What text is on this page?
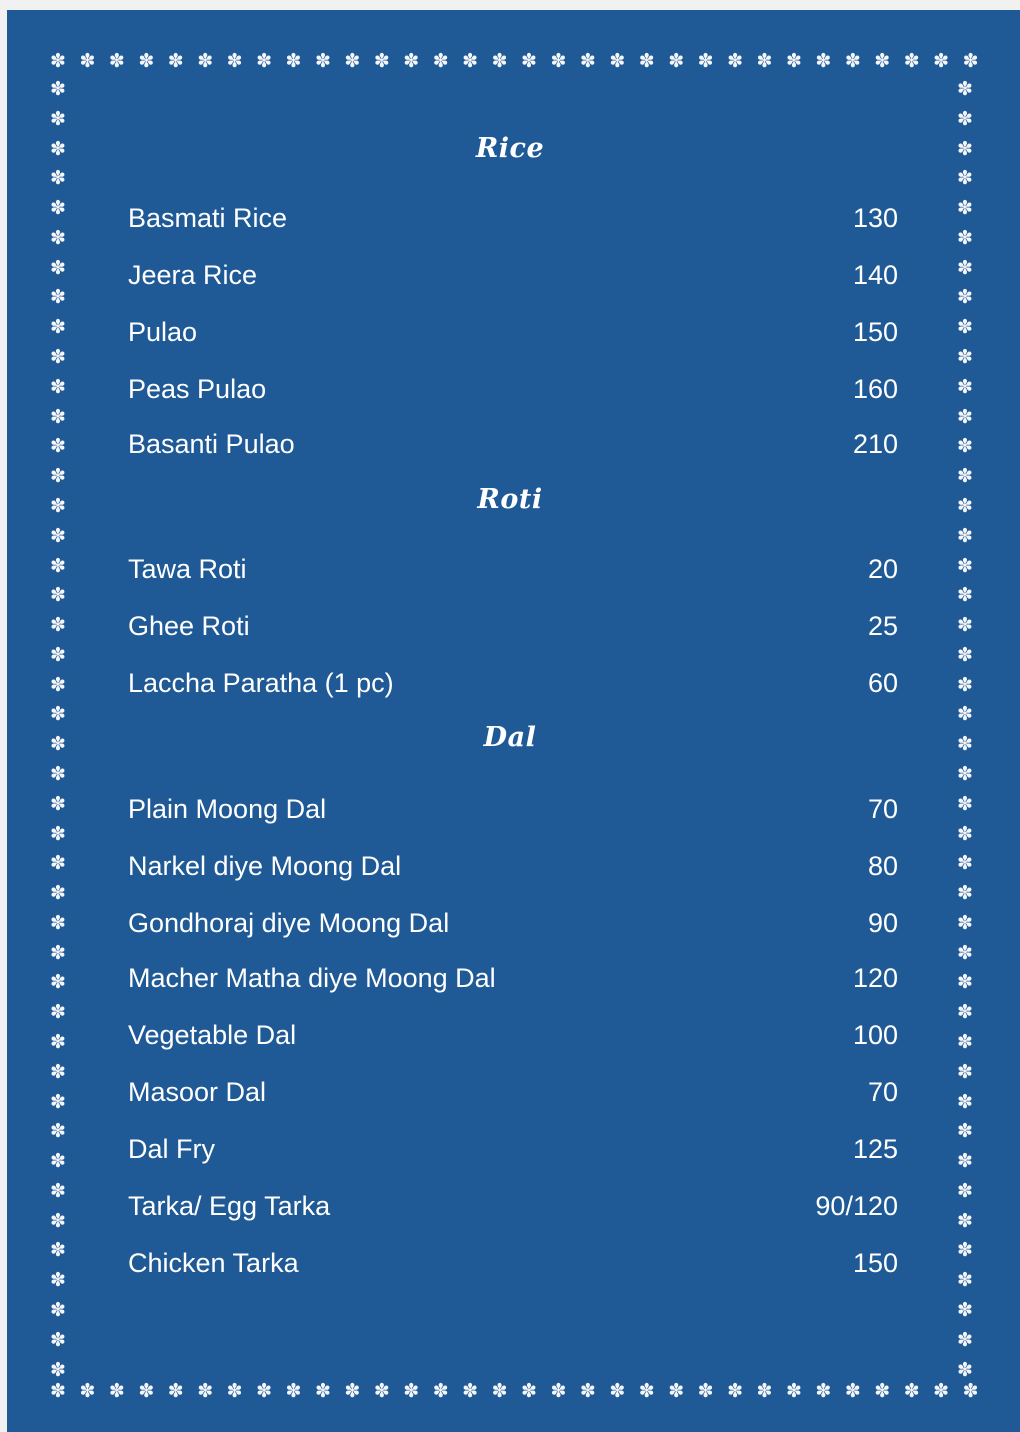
✽ ✽ ✽ ✽ ✽ ✽ ✽ ✽ ✽ ✽ ✽ ✽ ✽ ✽ ✽ ✽ ✽ ✽ ✽ ✽ ✽ ✽ ✽ ✽ ✽ ✽ ✽ ✽ ✽ ✽ ✽ ✽
✽ ✽ ✽ ✽ ✽ ✽ ✽ ✽ ✽ ✽ ✽ ✽ ✽ ✽ ✽ ✽ ✽ ✽ ✽ ✽ ✽ ✽ ✽ ✽ ✽ ✽ ✽ ✽ ✽ ✽ ✽ ✽
✽
✽
✽
✽
✽
✽
✽
✽
✽
✽
✽
✽
✽
✽
✽
✽
✽
✽
✽
✽
✽
✽
✽
✽
✽
✽
✽
✽
✽
✽
✽
✽
✽
✽
✽
✽
✽
✽
✽
✽
✽
✽
✽
✽
✽
✽
✽
✽
✽
✽
✽
✽
✽
✽
✽
✽
✽
✽
✽
✽
✽
✽
✽
✽
✽
✽
✽
✽
✽
✽
✽
✽
✽
✽
✽
✽
✽
✽
✽
✽
✽
✽
✽
✽
✽
✽
✽
✽
Rice
Basmati Rice	130
Jeera Rice	140
Pulao	150
Peas Pulao	160
Basanti Pulao	210
Roti
Tawa Roti	20
Ghee Roti	25
Laccha Paratha (1 pc)	60
Dal
Plain Moong Dal	70
Narkel diye Moong Dal	80
Gondhoraj diye Moong Dal	90
Macher Matha diye Moong Dal	120
Vegetable Dal	100
Masoor Dal	70
Dal Fry	125
Tarka/ Egg Tarka	90/120
Chicken Tarka	150
